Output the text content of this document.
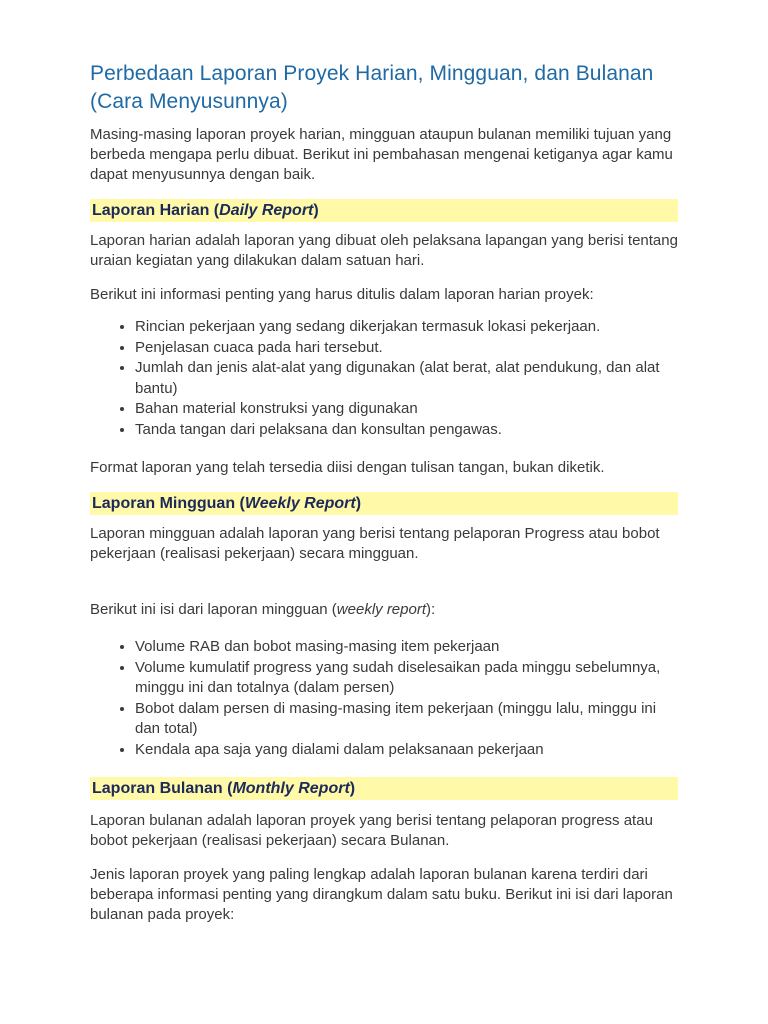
Perbedaan Laporan Proyek Harian, Mingguan, dan Bulanan (Cara Menyusunnya)

Masing-masing laporan proyek harian, mingguan ataupun bulanan memiliki tujuan yang berbeda mengapa perlu dibuat. Berikut ini pembahasan mengenai ketiganya agar kamu dapat menyusunnya dengan baik.

Laporan Harian (Daily Report)

Laporan harian adalah laporan yang dibuat oleh pelaksana lapangan yang berisi tentang uraian kegiatan yang dilakukan dalam satuan hari.

Berikut ini informasi penting yang harus ditulis dalam laporan harian proyek:

• Rincian pekerjaan yang sedang dikerjakan termasuk lokasi pekerjaan.
• Penjelasan cuaca pada hari tersebut.
• Jumlah dan jenis alat-alat yang digunakan (alat berat, alat pendukung, dan alat bantu)
• Bahan material konstruksi yang digunakan
• Tanda tangan dari pelaksana dan konsultan pengawas.

Format laporan yang telah tersedia diisi dengan tulisan tangan, bukan diketik.

Laporan Mingguan (Weekly Report)

Laporan mingguan adalah laporan yang berisi tentang pelaporan Progress atau bobot pekerjaan (realisasi pekerjaan) secara mingguan.

Berikut ini isi dari laporan mingguan (weekly report):

• Volume RAB dan bobot masing-masing item pekerjaan
• Volume kumulatif progress yang sudah diselesaikan pada minggu sebelumnya, minggu ini dan totalnya (dalam persen)
• Bobot dalam persen di masing-masing item pekerjaan (minggu lalu, minggu ini dan total)
• Kendala apa saja yang dialami dalam pelaksanaan pekerjaan
Laporan Bulanan (Monthly Report)

Laporan bulanan adalah laporan proyek yang berisi tentang pelaporan progress atau bobot pekerjaan (realisasi pekerjaan) secara Bulanan.

Jenis laporan proyek yang paling lengkap adalah laporan bulanan karena terdiri dari beberapa informasi penting yang dirangkum dalam satu buku. Berikut ini isi dari laporan bulanan pada proyek:
